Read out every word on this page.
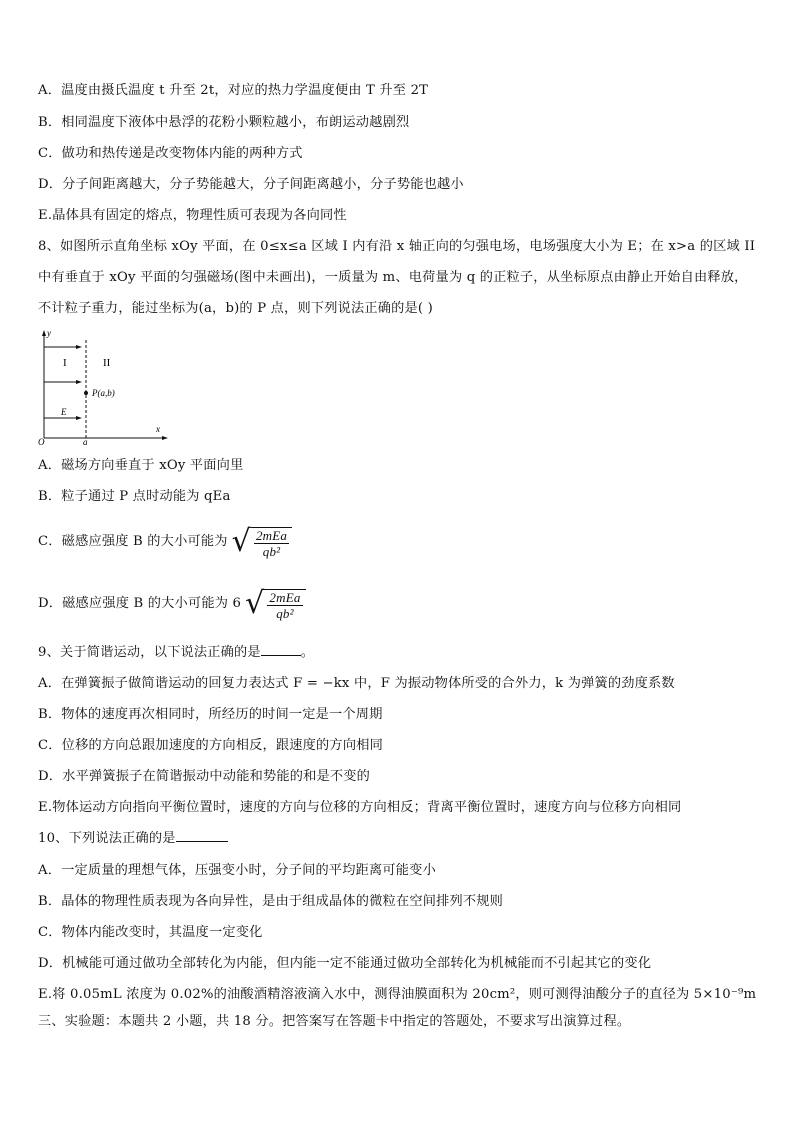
A．温度由摄氏温度 t 升至 2t，对应的热力学温度便由 T 升至 2T
B．相同温度下液体中悬浮的花粉小颗粒越小，布朗运动越剧烈
C．做功和热传递是改变物体内能的两种方式
D．分子间距离越大，分子势能越大，分子间距离越小，分子势能也越小
E.晶体具有固定的熔点，物理性质可表现为各向同性
8、如图所示直角坐标 xOy 平面，在 0≤x≤a 区域 I 内有沿 x 轴正向的匀强电场，电场强度大小为 E；在 x>a 的区域 II
中有垂直于 xOy 平面的匀强磁场(图中未画出)，一质量为 m、电荷量为 q 的正粒子，从坐标原点由静止开始自由释放，
不计粒子重力，能过坐标为(a，b)的 P 点，则下列说法正确的是( )
y
I	II
P(a,b)
E
O	a
x
A．磁场方向垂直于 xOy 平面向里
B．粒子通过 P 点时动能为 qEa
C．磁感应强度 B 的大小可能为 √ $\frac{\text{2mEa}}{\text{qb²}}$
D．磁感应强度 B 的大小可能为 6 √ $\frac{\text{2mEa}}{\text{qb²}}$
9、关于简谐运动，以下说法正确的是	。
A．在弹簧振子做简谐运动的回复力表达式 F = −kx 中，F 为振动物体所受的合外力，k 为弹簧的劲度系数
B．物体的速度再次相同时，所经历的时间一定是一个周期
C．位移的方向总跟加速度的方向相反，跟速度的方向相同
D．水平弹簧振子在简谐振动中动能和势能的和是不变的
E.物体运动方向指向平衡位置时，速度的方向与位移的方向相反；背离平衡位置时，速度方向与位移方向相同
10、下列说法正确的是
A．一定质量的理想气体，压强变小时，分子间的平均距离可能变小
B．晶体的物理性质表现为各向异性，是由于组成晶体的微粒在空间排列不规则
C．物体内能改变时，其温度一定变化
D．机械能可通过做功全部转化为内能，但内能一定不能通过做功全部转化为机械能而不引起其它的变化
E.将 0.05mL 浓度为 0.02%的油酸酒精溶液滴入水中，测得油膜面积为 20cm²，则可测得油酸分子的直径为 5×10⁻⁹m
三、实验题：本题共 2 小题，共 18 分。把答案写在答题卡中指定的答题处，不要求写出演算过程。
